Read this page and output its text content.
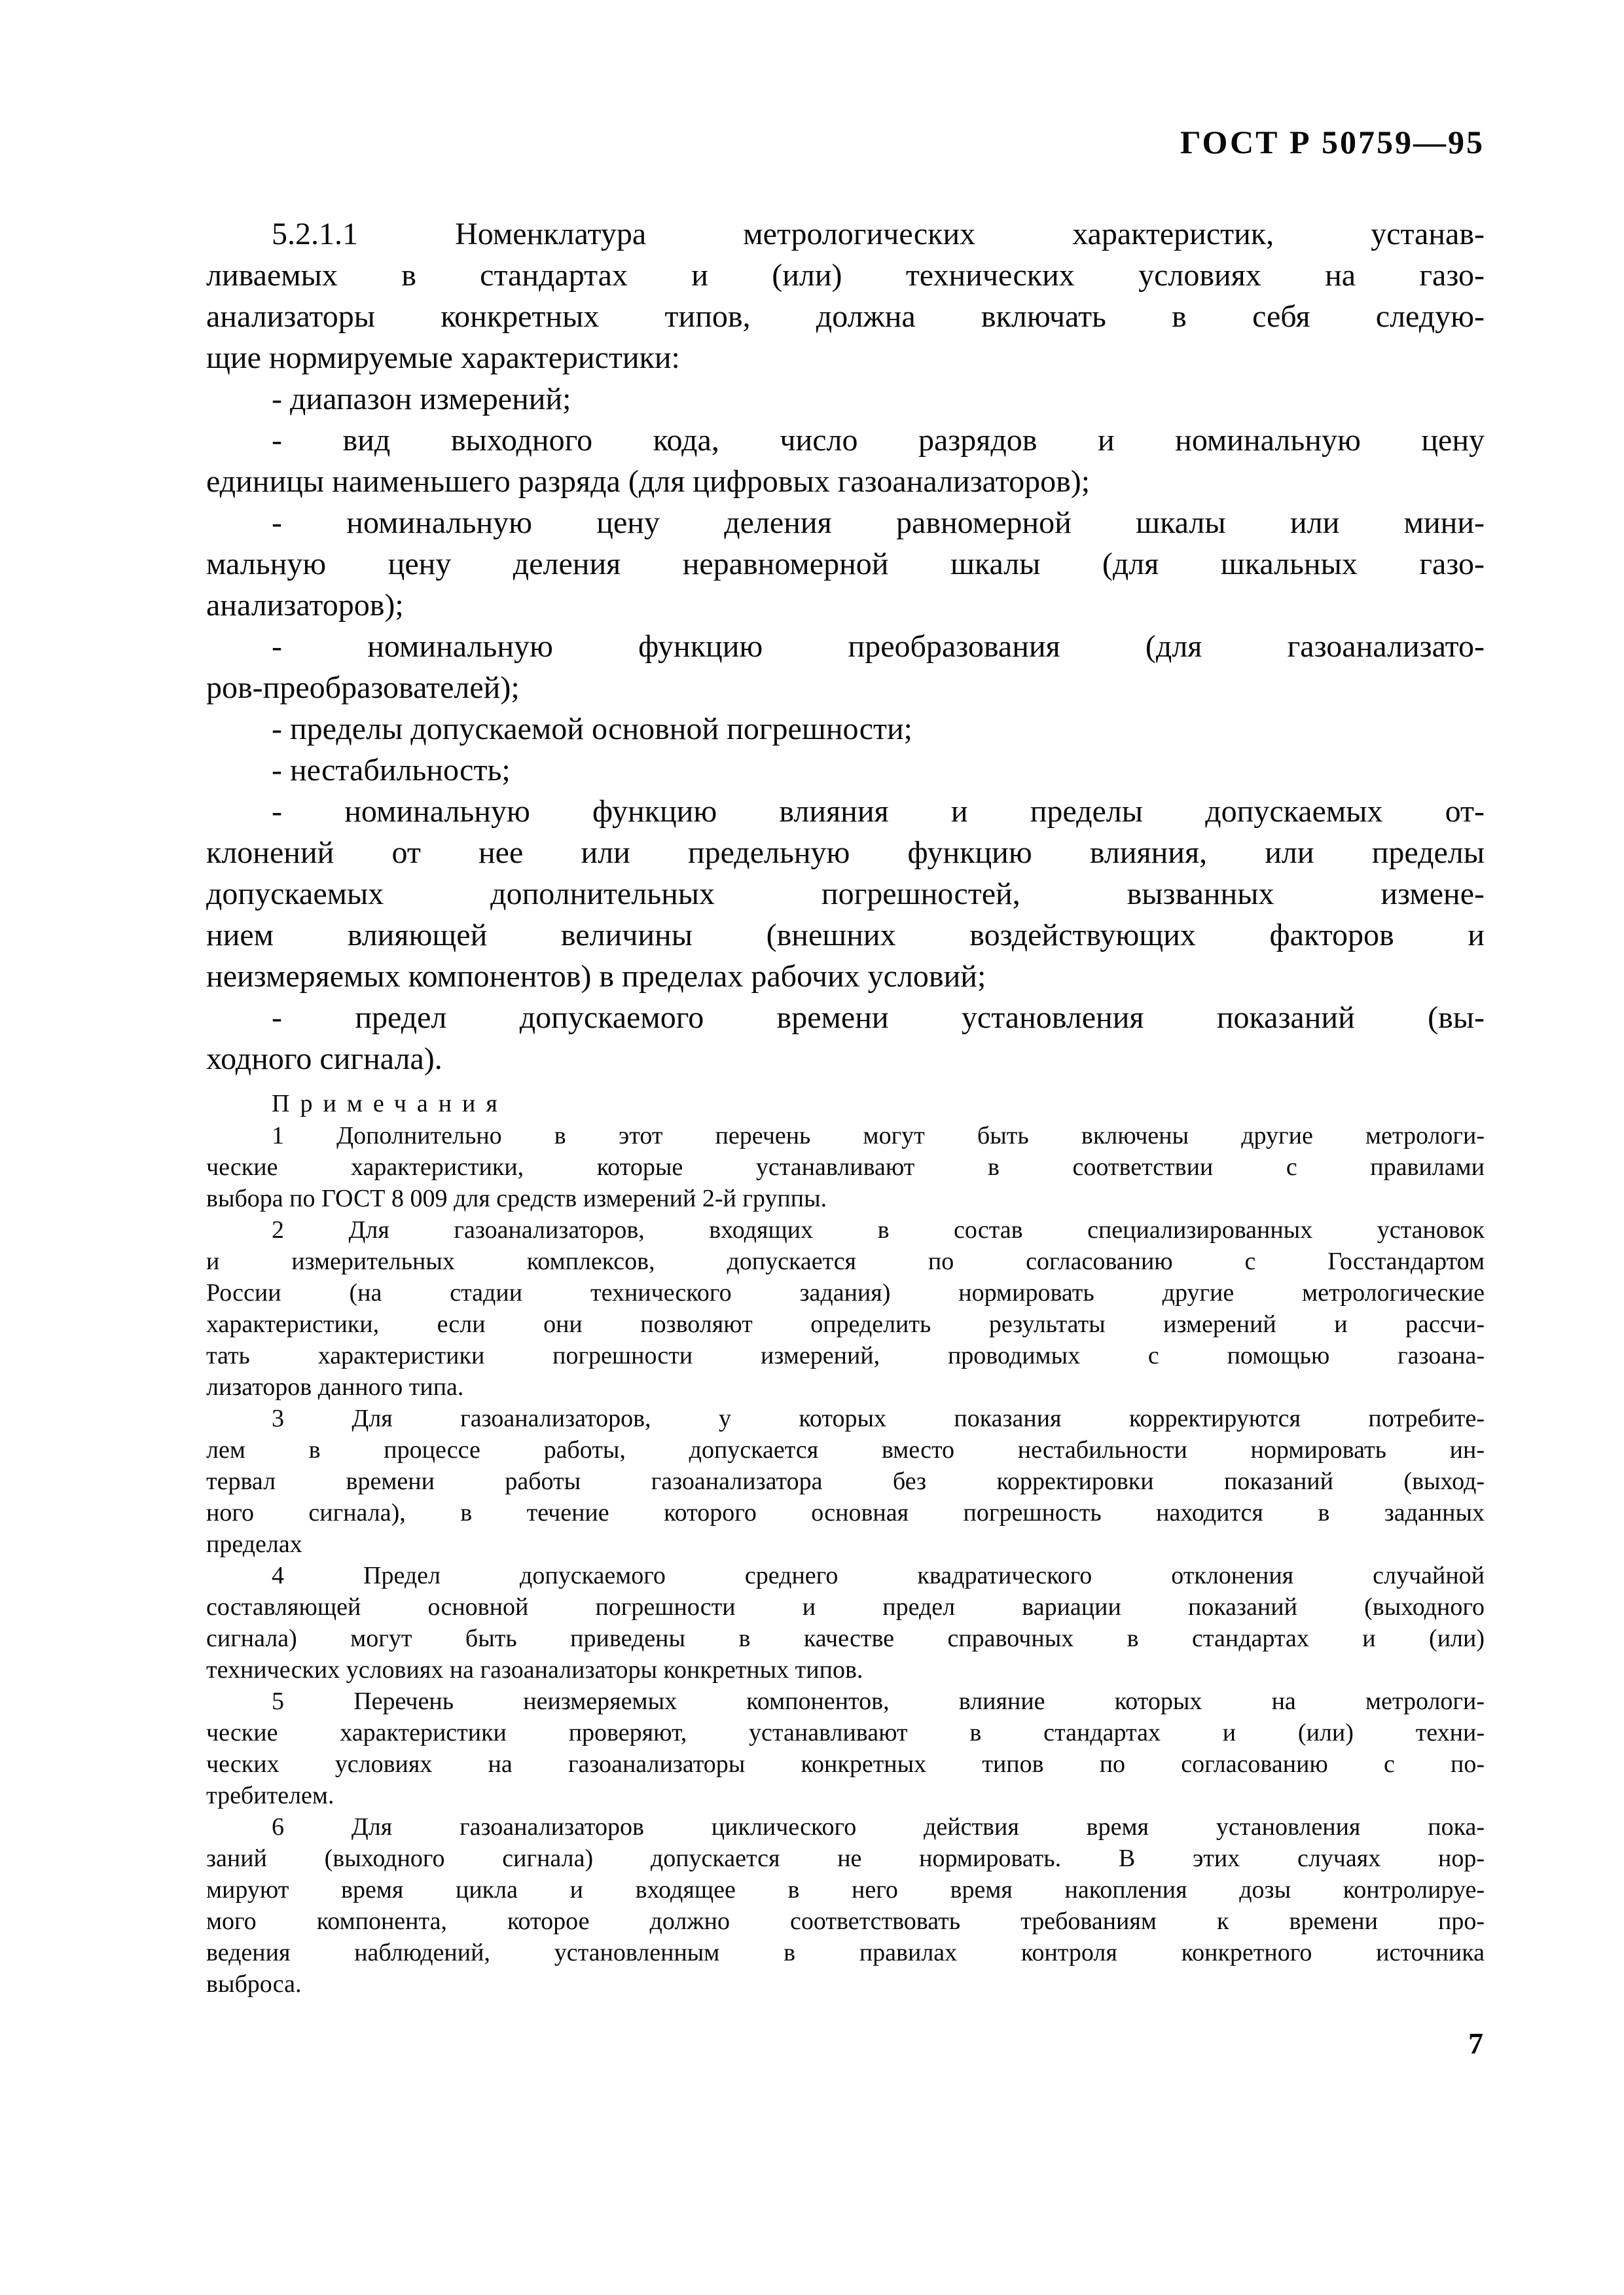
ГОСТ Р 50759—95
5.2.1.1 Номенклатура метрологических характеристик, устанав-
ливаемых в стандартах и (или) технических условиях на газо-
анализаторы конкретных типов, должна включать в себя следую-
щие нормируемые характеристики:
- диапазон измерений;
- вид выходного кода, число разрядов и номинальную цену
единицы наименьшего разряда (для цифровых газоанализаторов);
- номинальную цену деления равномерной шкалы или мини-
мальную цену деления неравномерной шкалы (для шкальных газо-
анализаторов);
- номинальную функцию преобразования (для газоанализато-
ров-преобразователей);
- пределы допускаемой основной погрешности;
- нестабильность;
- номинальную функцию влияния и пределы допускаемых от-
клонений от нее или предельную функцию влияния, или пределы
допускаемых дополнительных погрешностей, вызванных измене-
нием влияющей величины (внешних воздействующих факторов и
неизмеряемых компонентов) в пределах рабочих условий;
- предел допускаемого времени установления показаний (вы-
ходного сигнала).
Примечания
1 Дополнительно в этот перечень могут быть включены другие метрологи-
ческие характеристики, которые устанавливают в соответствии с правилами
выбора по ГОСТ 8 009 для средств измерений 2-й группы.
2 Для газоанализаторов, входящих в состав специализированных установок
и измерительных комплексов, допускается по согласованию с Госстандартом
России (на стадии технического задания) нормировать другие метрологические
характеристики, если они позволяют определить результаты измерений и рассчи-
тать характеристики погрешности измерений, проводимых с помощью газоана-
лизаторов данного типа.
3 Для газоанализаторов, у которых показания корректируются потребите-
лем в процессе работы, допускается вместо нестабильности нормировать ин-
тервал времени работы газоанализатора без корректировки показаний (выход-
ного сигнала), в течение которого основная погрешность находится в заданных
пределах
4 Предел допускаемого среднего квадратического отклонения случайной
составляющей основной погрешности и предел вариации показаний (выходного
сигнала) могут быть приведены в качестве справочных в стандартах и (или)
технических условиях на газоанализаторы конкретных типов.
5 Перечень неизмеряемых компонентов, влияние которых на метрологи-
ческие характеристики проверяют, устанавливают в стандартах и (или) техни-
ческих условиях на газоанализаторы конкретных типов по согласованию с по-
требителем.
6 Для газоанализаторов циклического действия время установления пока-
заний (выходного сигнала) допускается не нормировать. В этих случаях нор-
мируют время цикла и входящее в него время накопления дозы контролируе-
мого компонента, которое должно соответствовать требованиям к времени про-
ведения наблюдений, установленным в правилах контроля конкретного источника
выброса.
7
